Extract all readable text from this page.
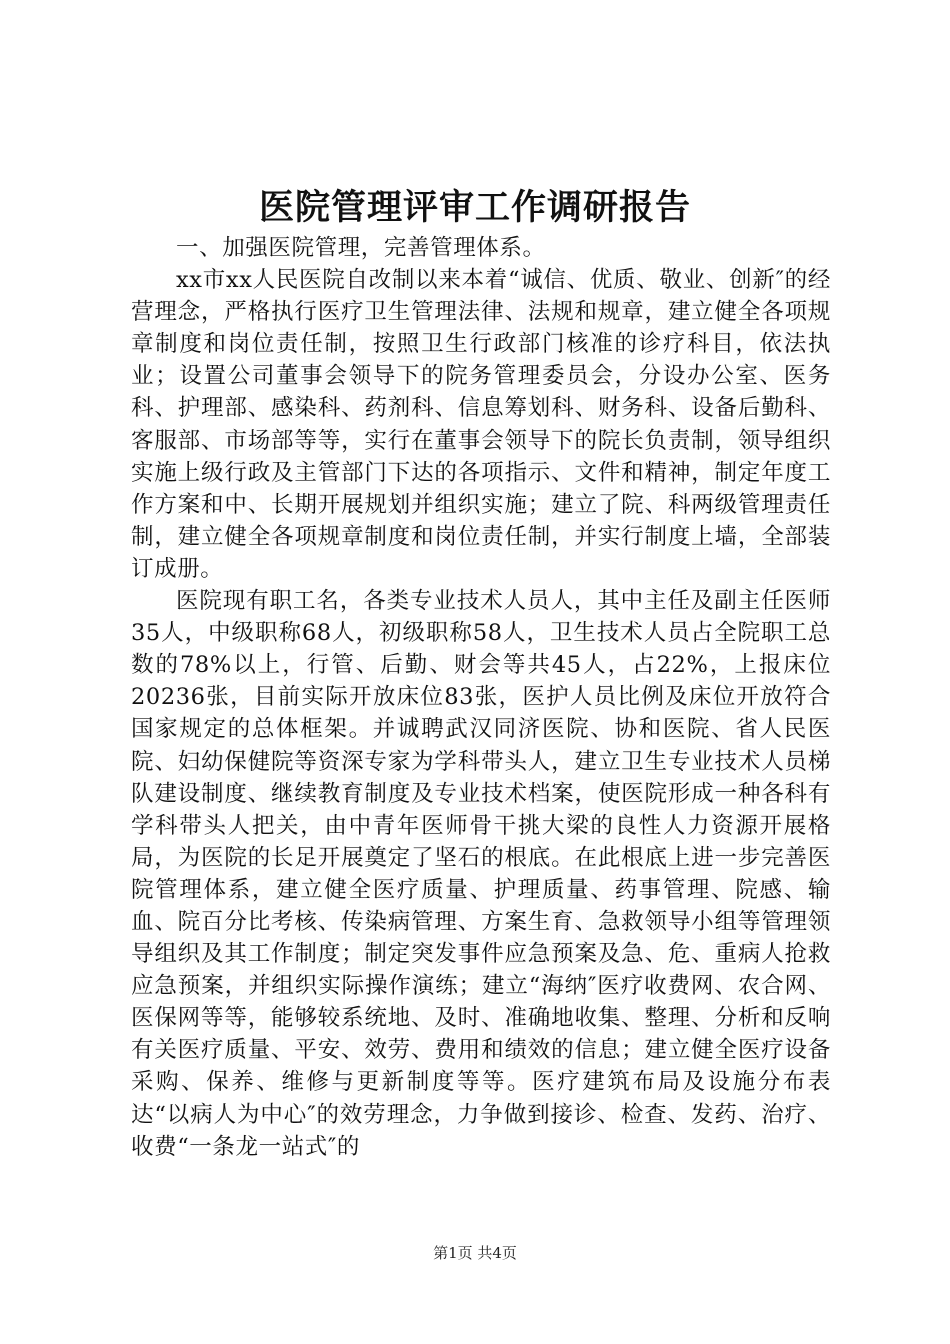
医院管理评审工作调研报告

一、加强医院管理，完善管理体系。

xx市xx人民医院自改制以来本着“诚信、优质、敬业、创新″的经营理念，严格执行医疗卫生管理法律、法规和规章，建立健全各项规章制度和岗位责任制，按照卫生行政部门核准的诊疗科目，依法执业；设置公司董事会领导下的院务管理委员会，分设办公室、医务科、护理部、感染科、药剂科、信息筹划科、财务科、设备后勤科、客服部、市场部等等，实行在董事会领导下的院长负责制，领导组织实施上级行政及主管部门下达的各项指示、文件和精神，制定年度工作方案和中、长期开展规划并组织实施；建立了院、科两级管理责任制，建立健全各项规章制度和岗位责任制，并实行制度上墙，全部装订成册。

医院现有职工名，各类专业技术人员人，其中主任及副主任医师35人，中级职称68人，初级职称58人，卫生技术人员占全院职工总数的78%以上，行管、后勤、财会等共45人，占22%，上报床位20236张，目前实际开放床位83张，医护人员比例及床位开放符合国家规定的总体框架。并诚聘武汉同济医院、协和医院、省人民医院、妇幼保健院等资深专家为学科带头人，建立卫生专业技术人员梯队建设制度、继续教育制度及专业技术档案，使医院形成一种各科有学科带头人把关，由中青年医师骨干挑大梁的良性人力资源开展格局，为医院的长足开展奠定了坚石的根底。在此根底上进一步完善医院管理体系，建立健全医疗质量、护理质量、药事管理、院感、输血、院百分比考核、传染病管理、方案生育、急救领导小组等管理领导组织及其工作制度；制定突发事件应急预案及急、危、重病人抢救应急预案，并组织实际操作演练；建立“海纳″医疗收费网、农合网、医保网等等，能够较系统地、及时、准确地收集、整理、分析和反响有关医疗质量、平安、效劳、费用和绩效的信息；建立健全医疗设备采购、保养、维修与更新制度等等。医疗建筑布局及设施分布表达“以病人为中心″的效劳理念，力争做到接诊、检查、发药、治疗、收费“一条龙一站式″的

第1页 共4页
